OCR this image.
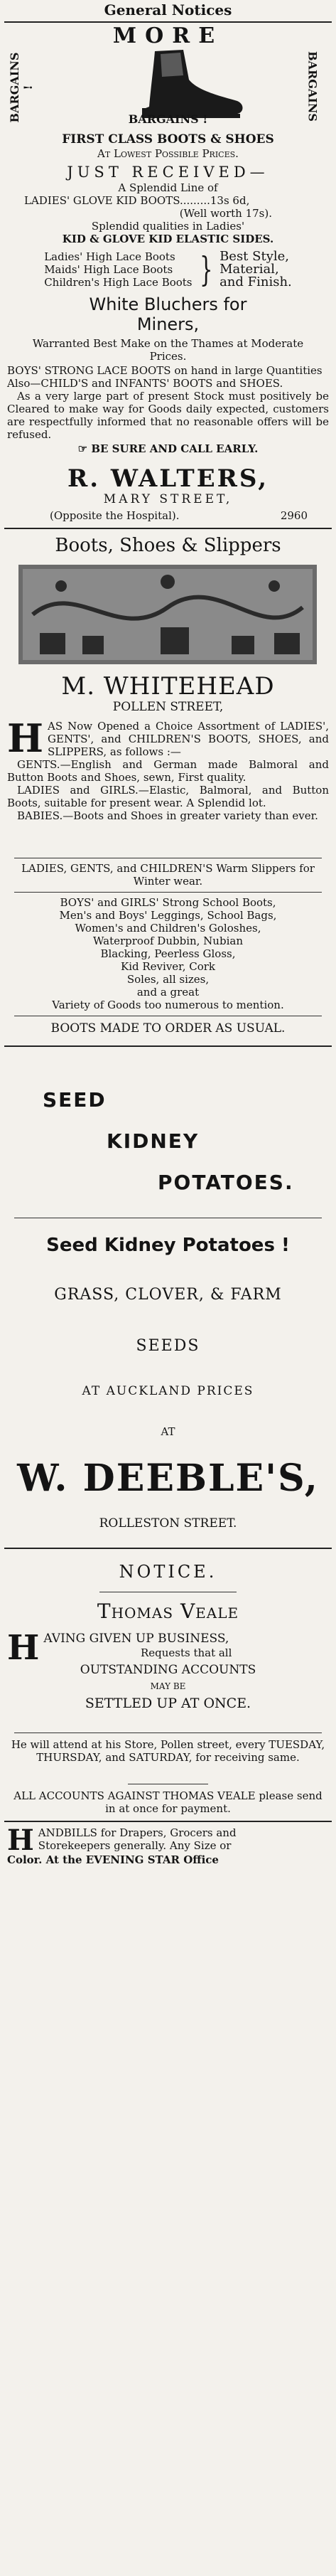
General Notices
MORE
BARGAINS !
BARGAINS !	BARGAINS
FIRST CLASS BOOTS & SHOES
At Lowest Possible Prices.
JUST RECEIVED—
A Splendid Line of
LADIES' GLOVE KID BOOTS.........13s 6d,
(Well worth 17s).
Splendid qualities in Ladies'
KID & GLOVE KID ELASTIC SIDES.
Ladies' High Lace Boots
Maids' High Lace Boots
Children's High Lace Boots } Best Style,
Material,
and Finish.
White Bluchers for
Miners,
Warranted Best Make on the Thames at Moderate Prices.
BOYS' STRONG LACE BOOTS on hand in large Quantities
Also—CHILD'S and INFANTS' BOOTS and SHOES.
As a very large part of present Stock must positively be Cleared to make way for Goods daily expected, customers are respectfully informed that no reasonable offers will be refused.
☞ BE SURE AND CALL EARLY.
R. WALTERS,
MARY STREET,
(Opposite the Hospital).	2960
Boots, Shoes & Slippers
M. WHITEHEAD
POLLEN STREET,
HAS Now Opened a Choice Assortment of LADIES', GENTS', and CHILDREN'S BOOTS, SHOES, and SLIPPERS, as follows :—
GENTS.—English and German made Balmoral and Button Boots and Shoes, sewn, First quality.
LADIES and GIRLS.—Elastic, Balmoral, and Button Boots, suitable for present wear. A Splendid lot.
BABIES.—Boots and Shoes in greater variety than ever.
LADIES, GENTS, and CHILDREN'S Warm Slippers for Winter wear.
BOYS' and GIRLS' Strong School Boots,
Men's and Boys' Leggings, School Bags,
Women's and Children's Goloshes,
Waterproof Dubbin, Nubian
Blacking, Peerless Gloss,
Kid Reviver, Cork
Soles, all sizes,
and a great
Variety of Goods too numerous to mention.
BOOTS MADE TO ORDER AS USUAL.
SEED
KIDNEY
POTATOES.
Seed Kidney Potatoes !
GRASS, CLOVER, & FARM
SEEDS
AT AUCKLAND PRICES
AT
W. DEEBLE'S,
ROLLESTON STREET.
NOTICE.
Thomas Veale
HAVING GIVEN UP BUSINESS,
Requests that all
OUTSTANDING ACCOUNTS
MAY BE
SETTLED UP AT ONCE.
He will attend at his Store, Pollen street, every TUESDAY, THURSDAY, and SATURDAY, for receiving same.
ALL ACCOUNTS AGAINST THOMAS VEALE please send in at once for payment.
H ANDBILLS for Drapers, Grocers and
Storekeepers generally. Any Size or
Color. At the EVENING STAR Office
